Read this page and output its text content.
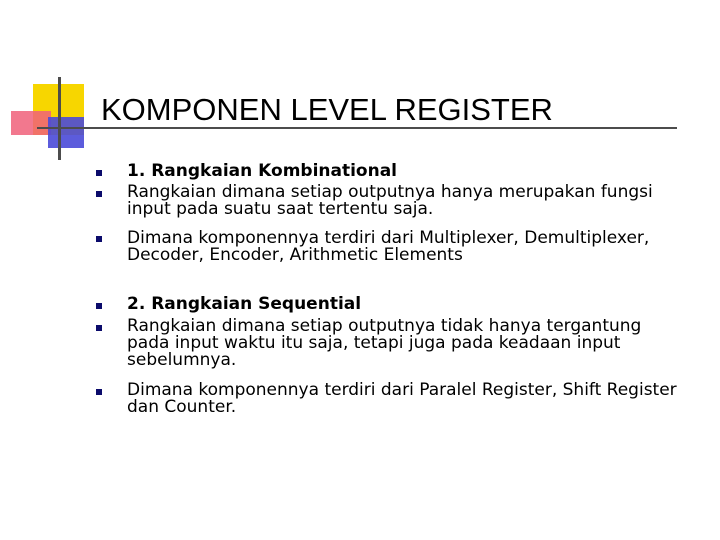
KOMPONEN LEVEL REGISTER
1. Rangkaian Kombinational
Rangkaian dimana setiap outputnya hanya merupakan fungsi
input pada suatu saat tertentu saja.
Dimana komponennya terdiri dari Multiplexer, Demultiplexer,
Decoder, Encoder, Arithmetic Elements
2. Rangkaian Sequential
Rangkaian dimana setiap outputnya tidak hanya tergantung
pada input waktu itu saja, tetapi juga pada keadaan input
sebelumnya.
Dimana komponennya terdiri dari Paralel Register, Shift Register
dan Counter.
